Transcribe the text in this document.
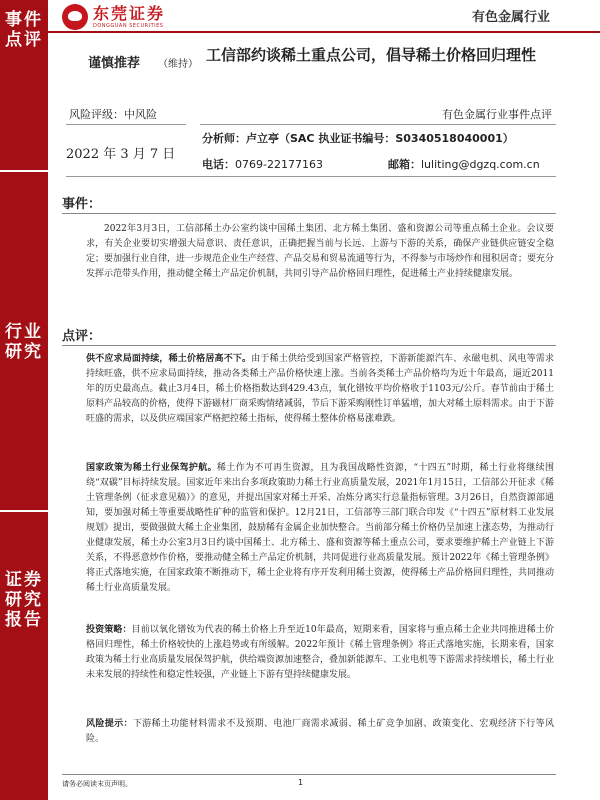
事件点评
行业研究
证券研究报告
东莞证券
DONGGUAN SECURITIES
有色金属行业
谨慎推荐 （维持）
工信部约谈稀土重点公司，倡导稀土价格回归理性
风险评级：中风险	有色金属行业事件点评
2022 年 3 月 7 日
分析师：卢立亭（SAC 执业证书编号：S0340518040001）
电话：0769-22177163	邮箱：luliting@dgzq.com.cn
事件：
2022年3月3日，工信部稀土办公室约谈中国稀土集团、北方稀土集团、盛和资源公司等重点稀土企业。会议要求，有关企业要切实增强大局意识、责任意识，正确把握当前与长远、上游与下游的关系，确保产业链供应链安全稳定；要加强行业自律，进一步规范企业生产经营、产品交易和贸易流通等行为，不得参与市场炒作和囤积居奇；要充分发挥示范带头作用，推动健全稀土产品定价机制，共同引导产品价格回归理性，促进稀土产业持续健康发展。
点评：
供不应求局面持续，稀土价格居高不下。由于稀土供给受到国家严格管控，下游新能源汽车、永磁电机、风电等需求持续旺盛，供不应求局面持续，推动各类稀土产品价格快速上涨。当前各类稀土产品价格均为近十年最高，逼近2011年的历史最高点。截止3月4日，稀土价格指数达到429.43点，氧化镨钕平均价格收于1103元/公斤。春节前由于稀土原料产品较高的价格，使得下游磁材厂商采购情绪减弱，节后下游采购刚性订单猛增，加大对稀土原料需求。由于下游旺盛的需求，以及供应端国家严格把控稀土指标，使得稀土整体价格易涨难跌。
国家政策为稀土行业保驾护航。稀土作为不可再生资源，且为我国战略性资源，“十四五”时期，稀土行业将继续围绕“双碳”目标持续发展。国家近年来出台多项政策助力稀土行业高质量发展，2021年1月15日，工信部公开征求《稀土管理条例（征求意见稿）》的意见，并提出国家对稀土开采、冶炼分离实行总量指标管理。3月26日，自然资源部通知，要加强对稀土等重要战略性矿种的监管和保护。12月21日，工信部等三部门联合印发《“十四五”原材料工业发展规划》提出，要做强做大稀土企业集团，鼓励稀有金属企业加快整合。当前部分稀土价格仍呈加速上涨态势，为推动行业健康发展，稀土办公室3月3日约谈中国稀土、北方稀土、盛和资源等稀土重点公司，要求要维护稀土产业链上下游关系，不得恶意炒作价格，要推动健全稀土产品定价机制，共同促进行业高质量发展。预计2022年《稀土管理条例》将正式落地实施，在国家政策不断推动下，稀土企业将有序开发利用稀土资源，使得稀土产品价格回归理性，共同推动稀土行业高质量发展。
投资策略：目前以氧化镨钕为代表的稀土价格上升至近10年最高，短期来看，国家将与重点稀土企业共同推进稀土价格回归理性，稀土价格较快的上涨趋势或有所缓解。2022年预计《稀土管理条例》将正式落地实施，长期来看，国家政策为稀土行业高质量发展保驾护航，供给端资源加速整合，叠加新能源车、工业电机等下游需求持续增长，稀土行业未来发展的持续性和稳定性较强，产业链上下游有望持续健康发展。
风险提示：下游稀土功能材料需求不及预期、电池厂商需求减弱、稀土矿竞争加剧、政策变化、宏观经济下行等风险。
请务必阅读末页声明。	1
